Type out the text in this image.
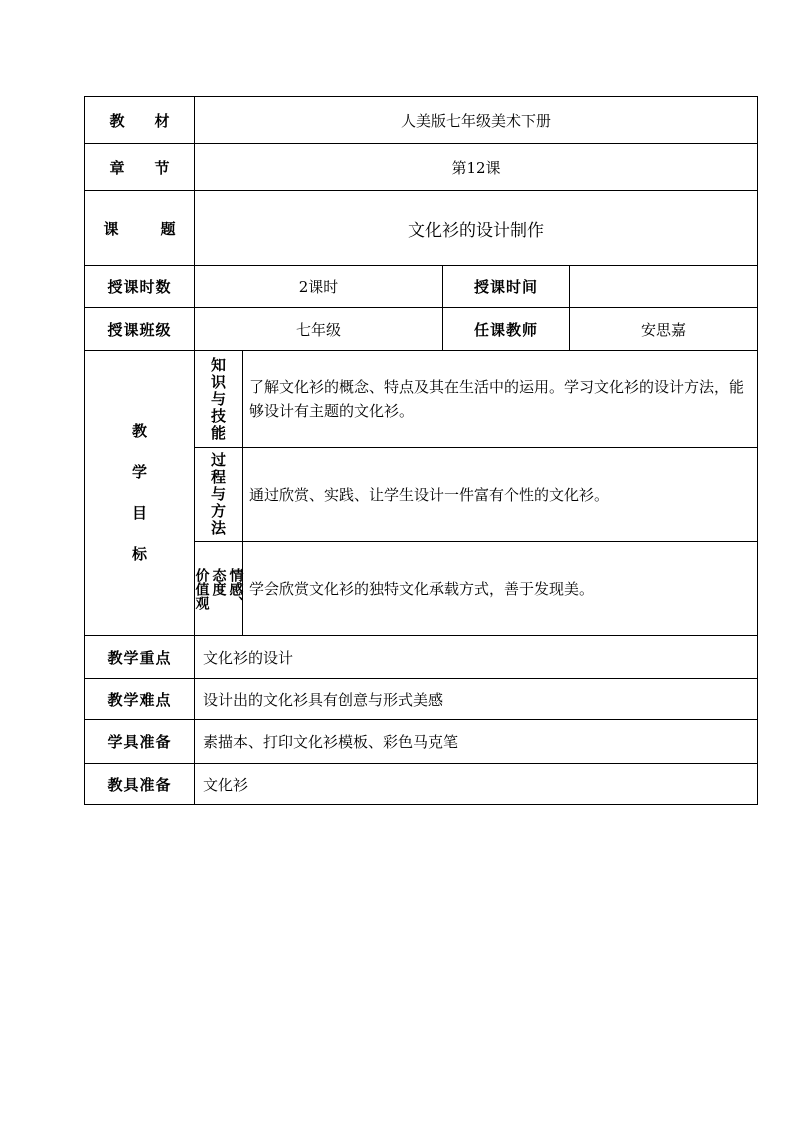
教 材	人美版七年级美术下册			
章 节	第12课			
课 题	文化衫的设计制作			
授课时数	2课时		授课时间	
授课班级	七年级		任课教师	安思嘉

教
学
目
标	知
识
与
技
能	了解文化衫的概念、特点及其在生活中的运用。学习文化衫的设计方法，能够设计有主题的文化衫。		

	过
程
与
方
法	通过欣赏、实践、让学生设计一件富有个性的文化衫。		

	情感、
态度
价值观	学会欣赏文化衫的独特文化承载方式，善于发现美。		
教学重点	文化衫的设计			
教学难点	设计出的文化衫具有创意与形式美感			
学具准备	素描本、打印文化衫模板、彩色马克笔			
教具准备	文化衫			
